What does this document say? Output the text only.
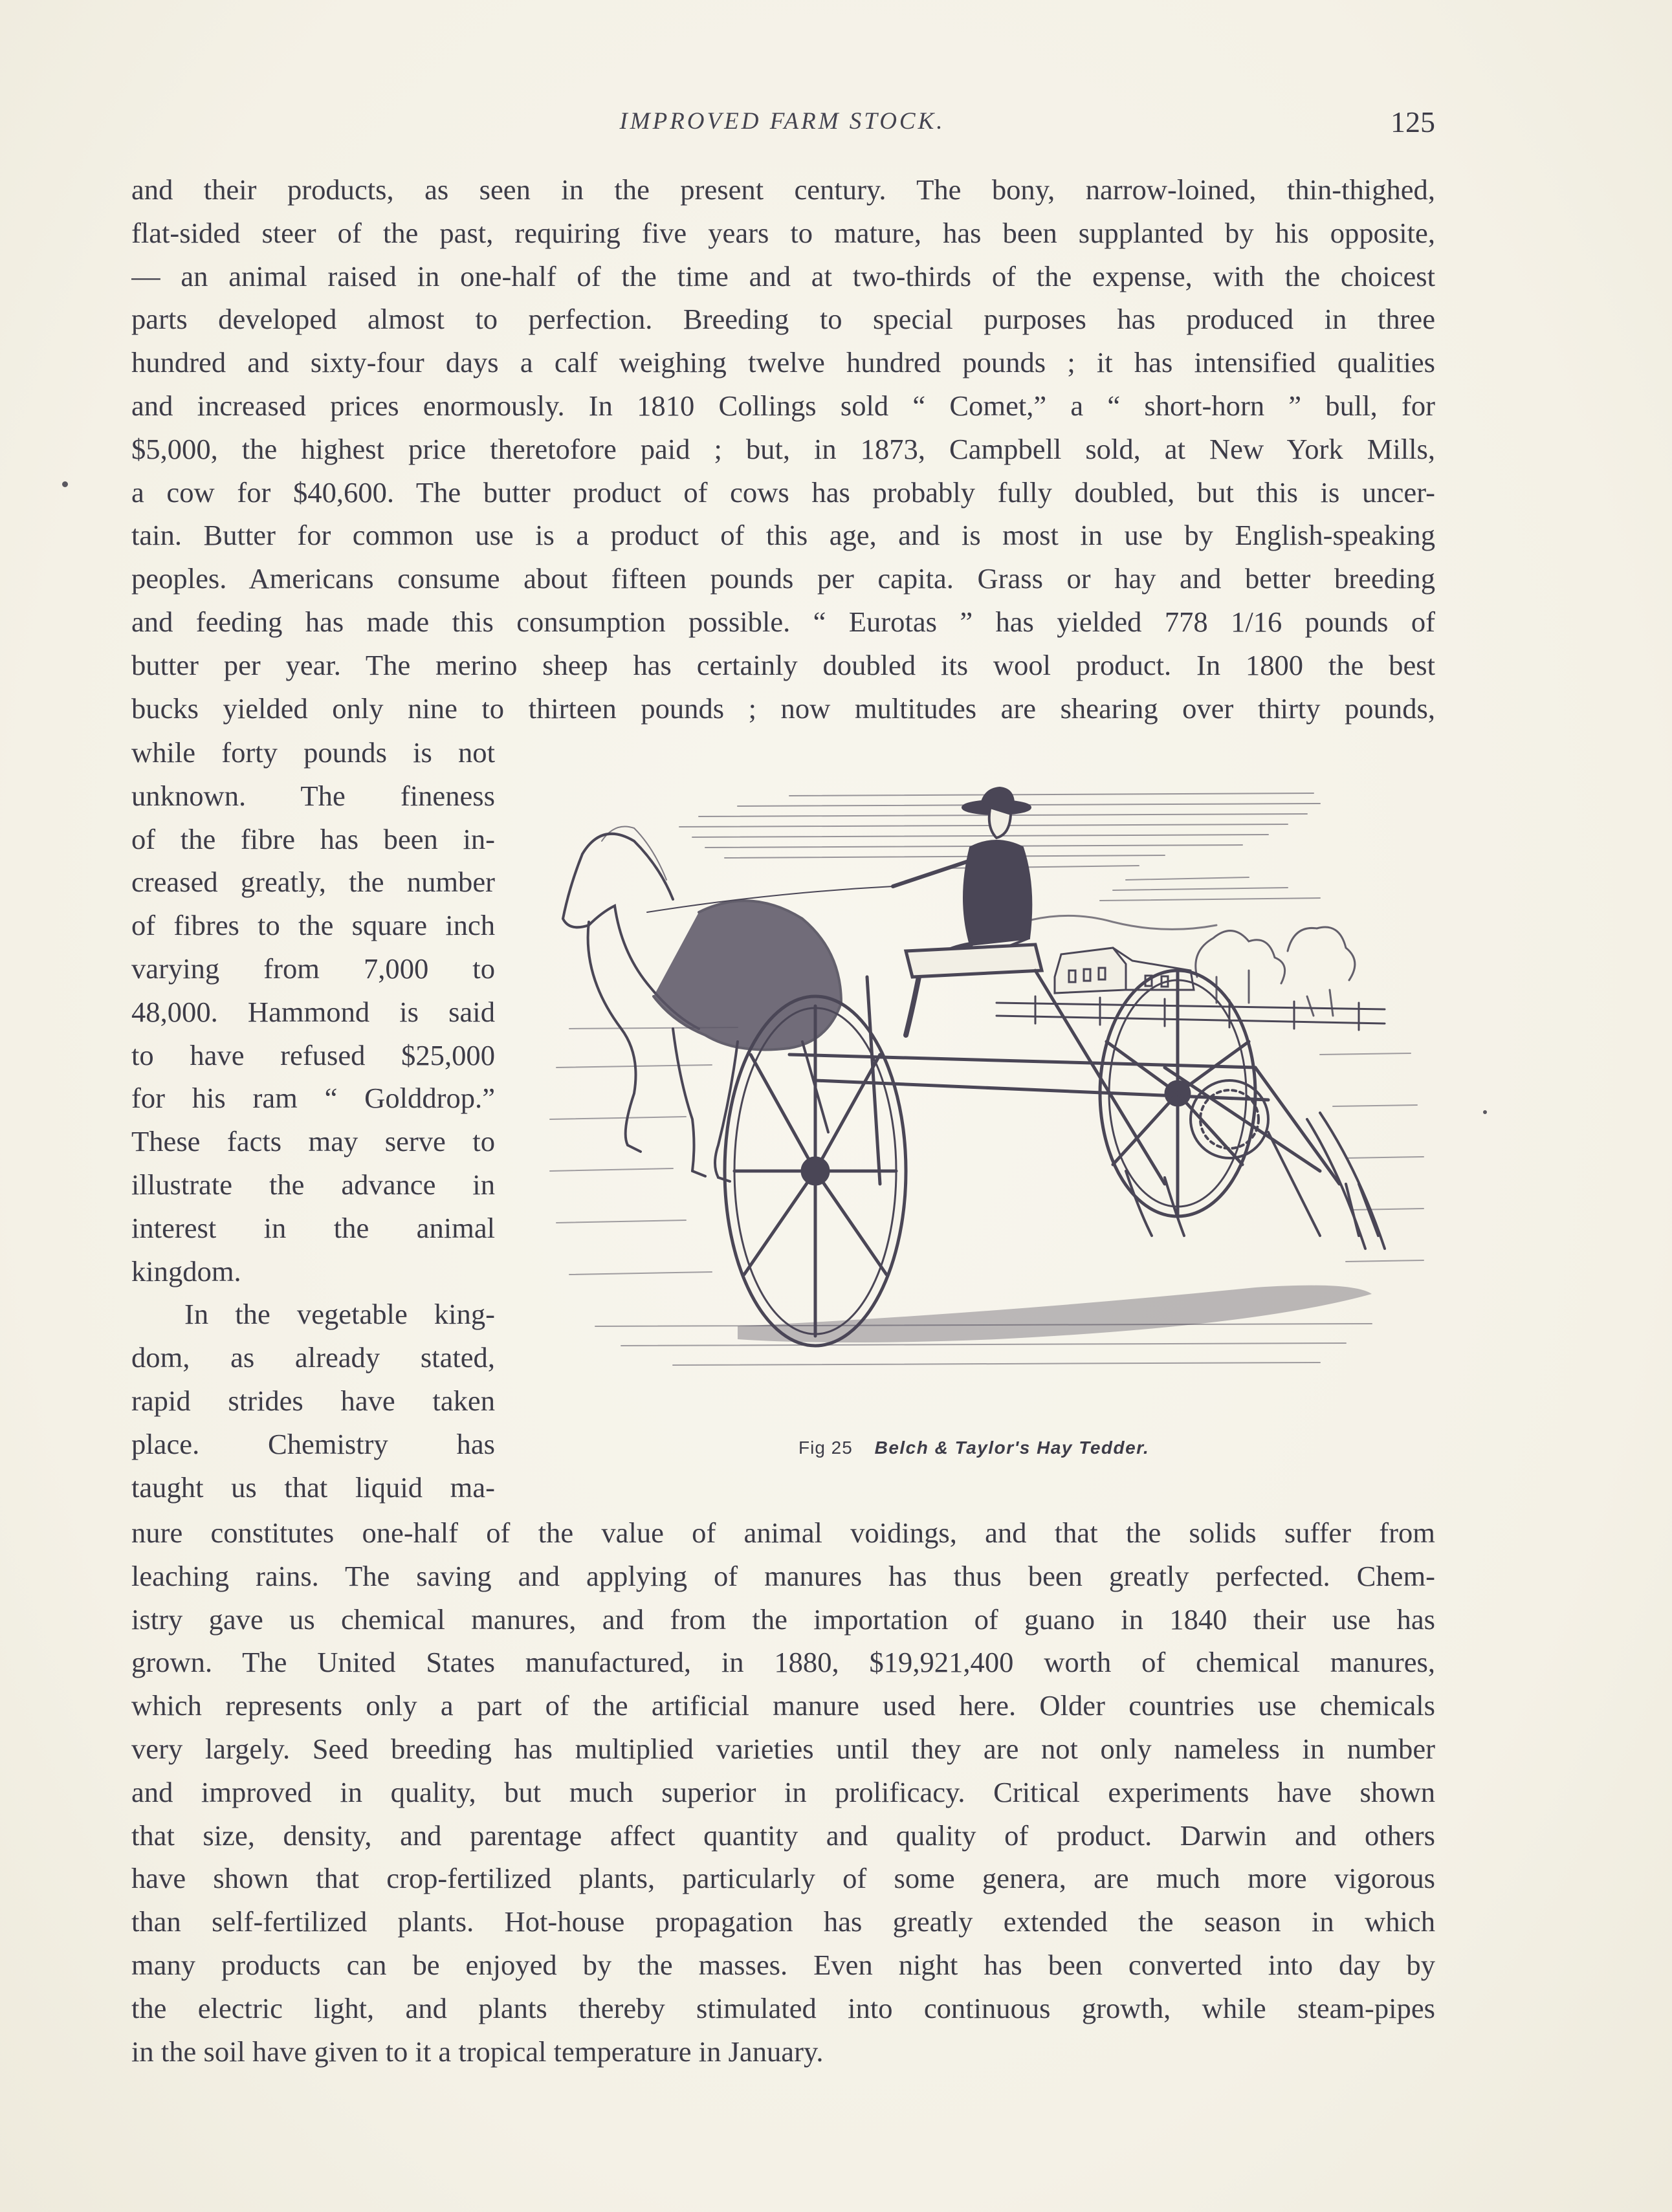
IMPROVED FARM STOCK.	125
and their products, as seen in the present century. The bony, narrow-loined, thin-thighed,
flat-sided steer of the past, requiring five years to mature, has been supplanted by his opposite,
— an animal raised in one-half of the time and at two-thirds of the expense, with the choicest
parts developed almost to perfection. Breeding to special purposes has produced in three
hundred and sixty-four days a calf weighing twelve hundred pounds ; it has intensified qualities
and increased prices enormously. In 1810 Collings sold “ Comet,” a “ short-horn ” bull, for
$5,000, the highest price theretofore paid ; but, in 1873, Campbell sold, at New York Mills,
a cow for $40,600. The butter product of cows has probably fully doubled, but this is uncer-
tain. Butter for common use is a product of this age, and is most in use by English-speaking
peoples. Americans consume about fifteen pounds per capita. Grass or hay and better breeding
and feeding has made this consumption possible. “ Eurotas ” has yielded 778 1/16 pounds of
butter per year. The merino sheep has certainly doubled its wool product. In 1800 the best
bucks yielded only nine to thirteen pounds ; now multitudes are shearing over thirty pounds,
while forty pounds is not
unknown. The fineness
of the fibre has been in-
creased greatly, the number
of fibres to the square inch
varying from 7,000 to
48,000. Hammond is said
to have refused $25,000
for his ram “ Golddrop.”
These facts may serve to
illustrate the advance in
interest in the animal
kingdom.
In the vegetable king-
dom, as already stated,
rapid strides have taken
place. Chemistry has
taught us that liquid ma-
Fig 25 Belch & Taylor's Hay Tedder.
nure constitutes one-half of the value of animal voidings, and that the solids suffer from
leaching rains. The saving and applying of manures has thus been greatly perfected. Chem-
istry gave us chemical manures, and from the importation of guano in 1840 their use has
grown. The United States manufactured, in 1880, $19,921,400 worth of chemical manures,
which represents only a part of the artificial manure used here. Older countries use chemicals
very largely. Seed breeding has multiplied varieties until they are not only nameless in number
and improved in quality, but much superior in prolificacy. Critical experiments have shown
that size, density, and parentage affect quantity and quality of product. Darwin and others
have shown that crop-fertilized plants, particularly of some genera, are much more vigorous
than self-fertilized plants. Hot-house propagation has greatly extended the season in which
many products can be enjoyed by the masses. Even night has been converted into day by
the electric light, and plants thereby stimulated into continuous growth, while steam-pipes
in the soil have given to it a tropical temperature in January.
